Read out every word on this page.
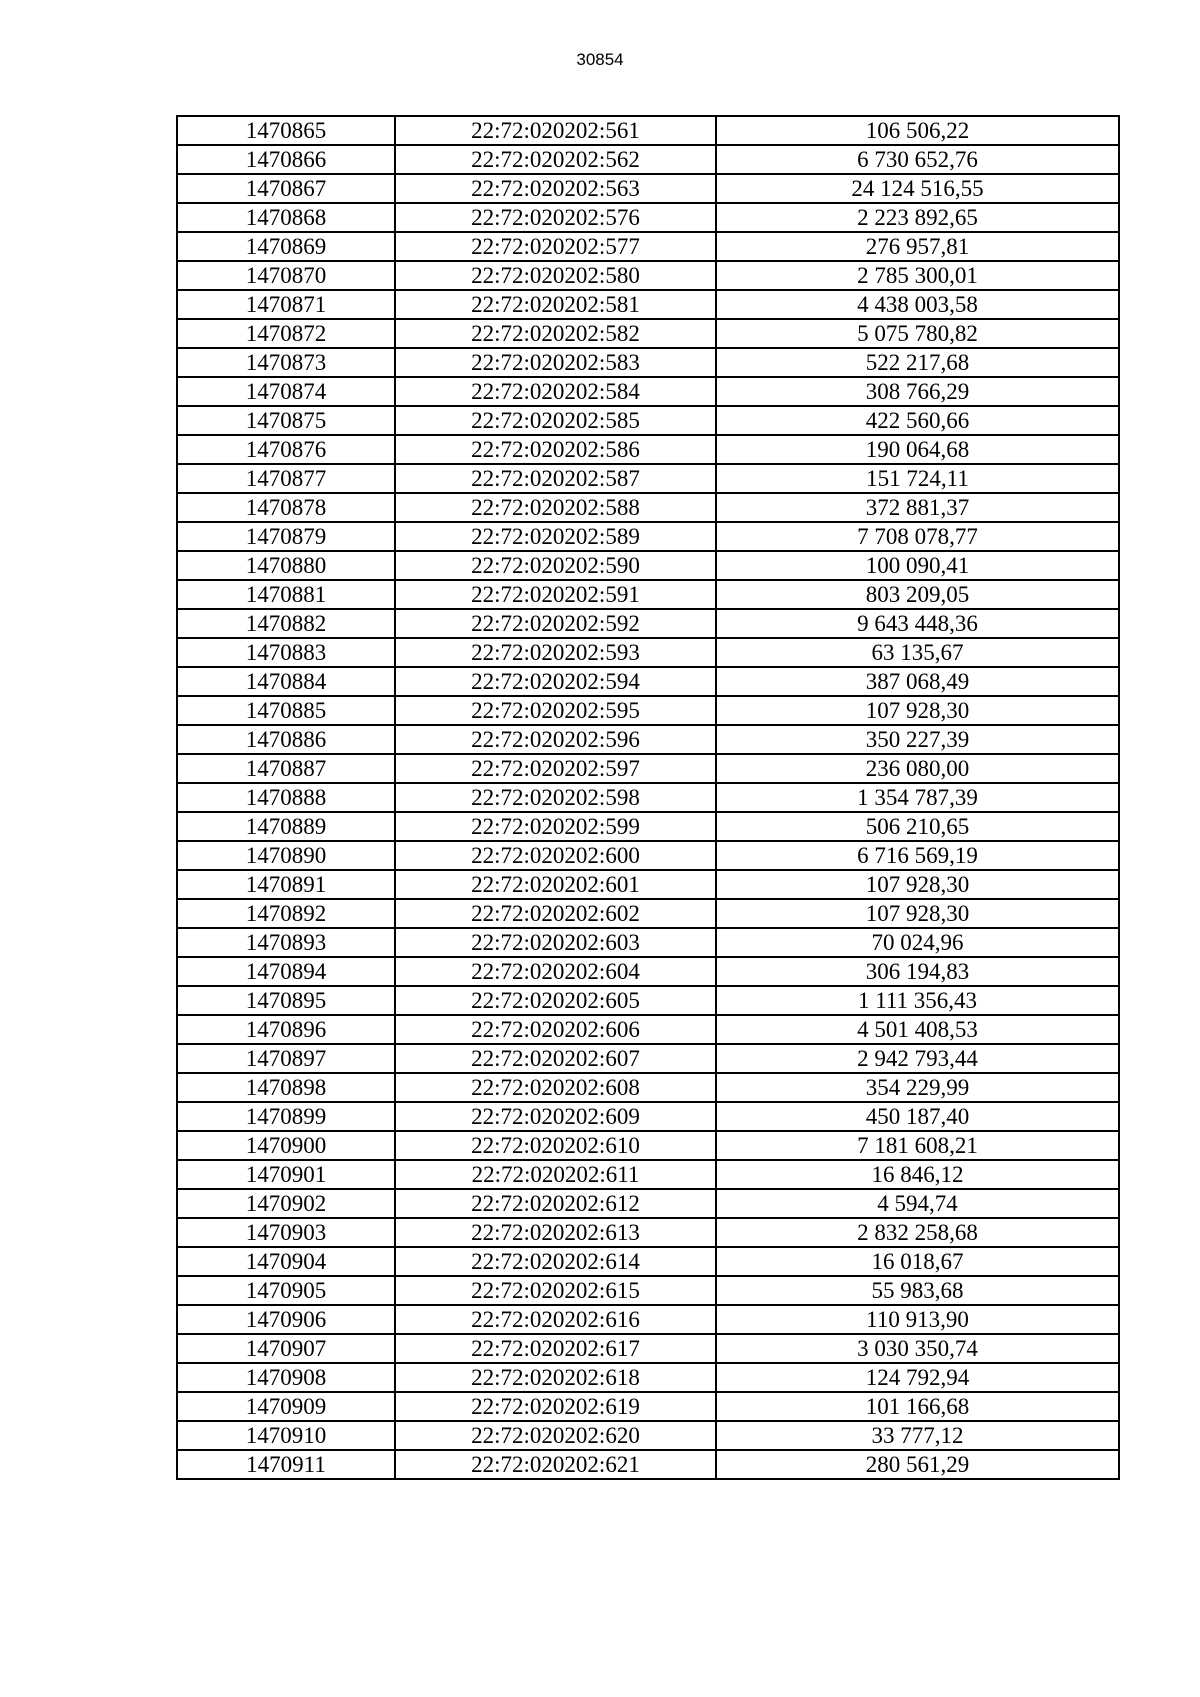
30854
1470865	22:72:020202:561	106 506,22
1470866	22:72:020202:562	6 730 652,76
1470867	22:72:020202:563	24 124 516,55
1470868	22:72:020202:576	2 223 892,65
1470869	22:72:020202:577	276 957,81
1470870	22:72:020202:580	2 785 300,01
1470871	22:72:020202:581	4 438 003,58
1470872	22:72:020202:582	5 075 780,82
1470873	22:72:020202:583	522 217,68
1470874	22:72:020202:584	308 766,29
1470875	22:72:020202:585	422 560,66
1470876	22:72:020202:586	190 064,68
1470877	22:72:020202:587	151 724,11
1470878	22:72:020202:588	372 881,37
1470879	22:72:020202:589	7 708 078,77
1470880	22:72:020202:590	100 090,41
1470881	22:72:020202:591	803 209,05
1470882	22:72:020202:592	9 643 448,36
1470883	22:72:020202:593	63 135,67
1470884	22:72:020202:594	387 068,49
1470885	22:72:020202:595	107 928,30
1470886	22:72:020202:596	350 227,39
1470887	22:72:020202:597	236 080,00
1470888	22:72:020202:598	1 354 787,39
1470889	22:72:020202:599	506 210,65
1470890	22:72:020202:600	6 716 569,19
1470891	22:72:020202:601	107 928,30
1470892	22:72:020202:602	107 928,30
1470893	22:72:020202:603	70 024,96
1470894	22:72:020202:604	306 194,83
1470895	22:72:020202:605	1 111 356,43
1470896	22:72:020202:606	4 501 408,53
1470897	22:72:020202:607	2 942 793,44
1470898	22:72:020202:608	354 229,99
1470899	22:72:020202:609	450 187,40
1470900	22:72:020202:610	7 181 608,21
1470901	22:72:020202:611	16 846,12
1470902	22:72:020202:612	4 594,74
1470903	22:72:020202:613	2 832 258,68
1470904	22:72:020202:614	16 018,67
1470905	22:72:020202:615	55 983,68
1470906	22:72:020202:616	110 913,90
1470907	22:72:020202:617	3 030 350,74
1470908	22:72:020202:618	124 792,94
1470909	22:72:020202:619	101 166,68
1470910	22:72:020202:620	33 777,12
1470911	22:72:020202:621	280 561,29
